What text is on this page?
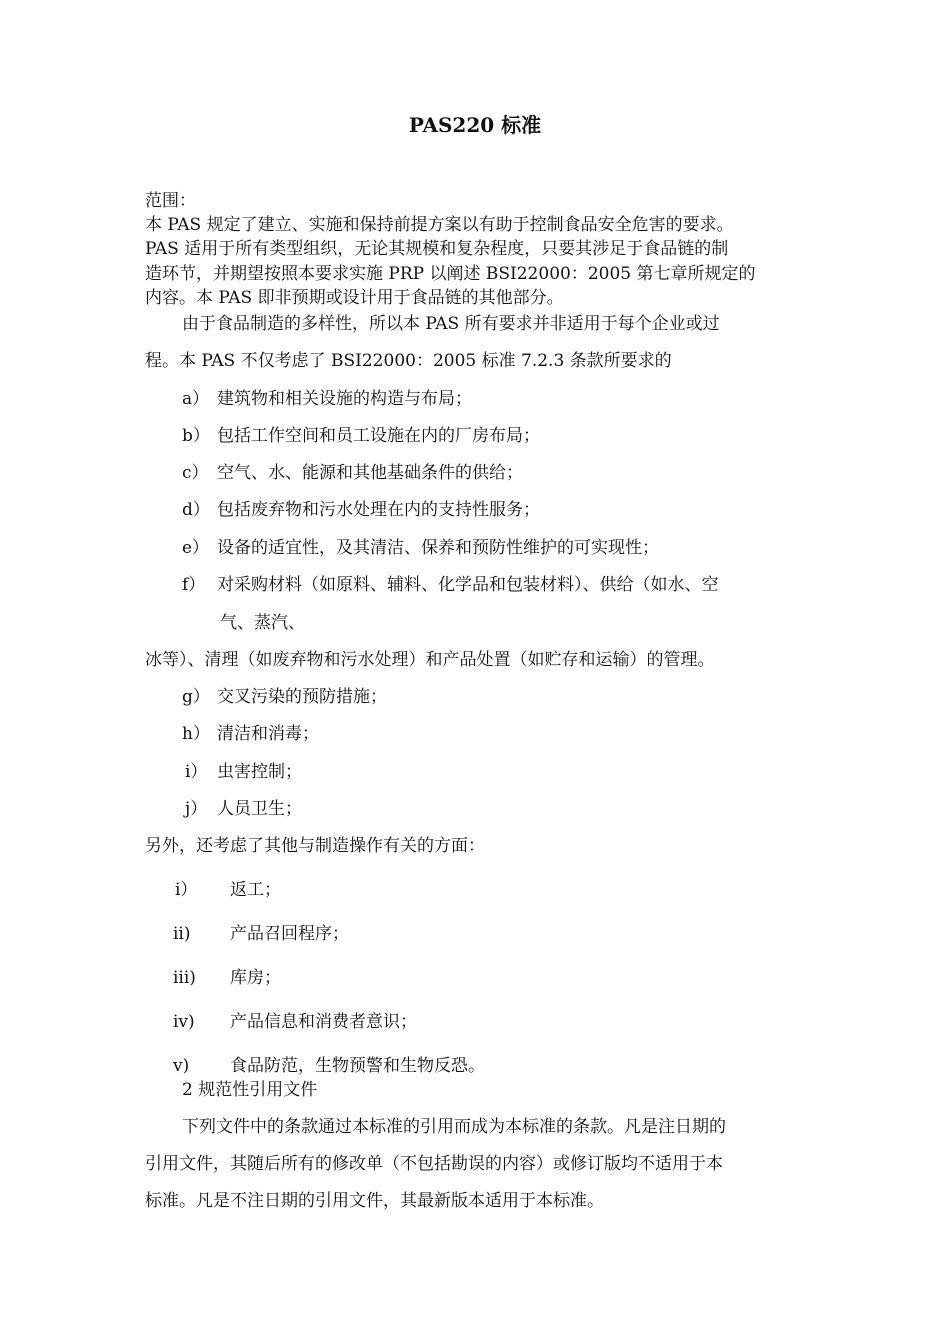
PAS220 标准
范围：
本 PAS 规定了建立、实施和保持前提方案以有助于控制食品安全危害的要求。
PAS 适用于所有类型组织，无论其规模和复杂程度，只要其涉足于食品链的制
造环节，并期望按照本要求实施 PRP 以阐述 BSI22000：2005 第七章所规定的
内容。本 PAS 即非预期或设计用于食品链的其他部分。
由于食品制造的多样性，所以本 PAS 所有要求并非适用于每个企业或过
程。本 PAS 不仅考虑了 BSI22000：2005 标准 7.2.3 条款所要求的
a） 建筑物和相关设施的构造与布局；
b） 包括工作空间和员工设施在内的厂房布局；
c） 空气、水、能源和其他基础条件的供给；
d） 包括废弃物和污水处理在内的支持性服务；
e） 设备的适宜性，及其清洁、保养和预防性维护的可实现性；
f） 对采购材料（如原料、辅料、化学品和包装材料）、供给（如水、空
气、蒸汽、
冰等）、清理（如废弃物和污水处理）和产品处置（如贮存和运输）的管理。
g） 交叉污染的预防措施；
h） 清洁和消毒；
i） 虫害控制；
j） 人员卫生；
另外，还考虑了其他与制造操作有关的方面：
i） 返工；
ii) 产品召回程序；
iii) 库房；
iv) 产品信息和消费者意识；
v) 食品防范，生物预警和生物反恐。
2 规范性引用文件
下列文件中的条款通过本标准的引用而成为本标准的条款。凡是注日期的
引用文件，其随后所有的修改单（不包括勘误的内容）或修订版均不适用于本
标准。凡是不注日期的引用文件，其最新版本适用于本标准。
